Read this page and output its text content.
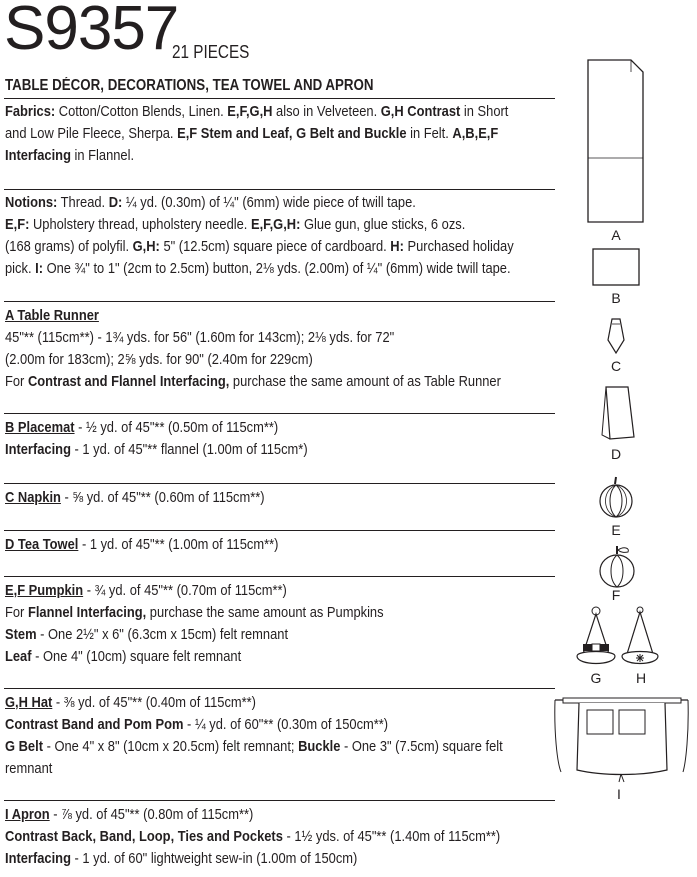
S9357
21 PIECES
TABLE DÉCOR, DECORATIONS, TEA TOWEL AND APRON
Fabrics: Cotton/Cotton Blends, Linen. E,F,G,H also in Velveteen. G,H Contrast in Short
and Low Pile Fleece, Sherpa. E,F Stem and Leaf, G Belt and Buckle in Felt. A,B,E,F
Interfacing in Flannel.
Notions: Thread. D: ¼ yd. (0.30m) of ¼" (6mm) wide piece of twill tape.
E,F: Upholstery thread, upholstery needle. E,F,G,H: Glue gun, glue sticks, 6 ozs.
(168 grams) of polyfil. G,H: 5" (12.5cm) square piece of cardboard. H: Purchased holiday
pick. I: One ¾" to 1" (2cm to 2.5cm) button, 2⅛ yds. (2.00m) of ¼" (6mm) wide twill tape.
A Table Runner
45"** (115cm**) - 1¾ yds. for 56" (1.60m for 143cm); 2⅛ yds. for 72"
(2.00m for 183cm); 2⅝ yds. for 90" (2.40m for 229cm)
For Contrast and Flannel Interfacing, purchase the same amount of as Table Runner
B Placemat - ½ yd. of 45"** (0.50m of 115cm**)
Interfacing - 1 yd. of 45"** flannel (1.00m of 115cm*)
C Napkin - ⅝ yd. of 45"** (0.60m of 115cm**)
D Tea Towel - 1 yd. of 45"** (1.00m of 115cm**)
E,F Pumpkin - ¾ yd. of 45"** (0.70m of 115cm**)
For Flannel Interfacing, purchase the same amount as Pumpkins
Stem - One 2½" x 6" (6.3cm x 15cm) felt remnant
Leaf - One 4" (10cm) square felt remnant
G,H Hat - ⅜ yd. of 45"** (0.40m of 115cm**)
Contrast Band and Pom Pom - ¼ yd. of 60"** (0.30m of 150cm**)
G Belt - One 4" x 8" (10cm x 20.5cm) felt remnant; Buckle - One 3" (7.5cm) square felt
remnant
I Apron - ⅞ yd. of 45"** (0.80m of 115cm**)
Contrast Back, Band, Loop, Ties and Pockets - 1½ yds. of 45"** (1.40m of 115cm**)
Interfacing - 1 yd. of 60" lightweight sew-in (1.00m of 150cm)
A
B
C
D
E
F
G	H
I
